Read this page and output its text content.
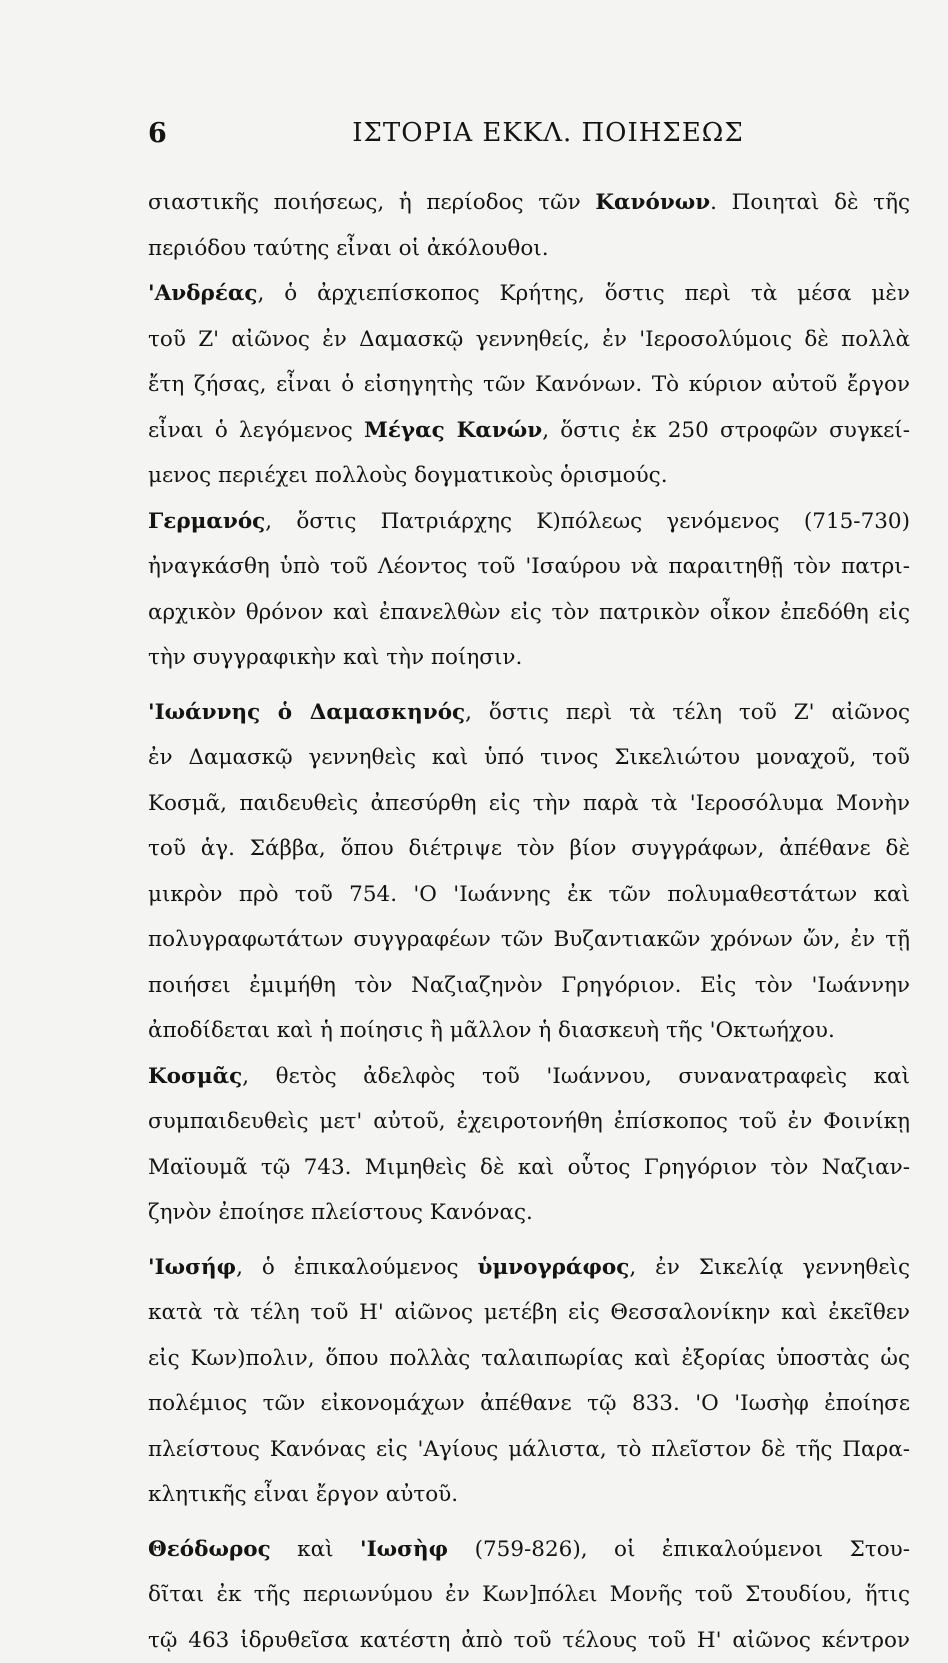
6	ΙΣΤΟΡΙΑ ΕΚΚΛ. ΠΟΙΗΣΕΩΣ
σιαστικῆς ποιήσεως, ἡ περίοδος τῶν Κανόνων. Ποιηταὶ δὲ τῆς
περιόδου ταύτης εἶναι οἱ ἀκόλουθοι.
'Ανδρέας, ὁ ἀρχιεπίσκοπος Κρήτης, ὅστις περὶ τὰ μέσα μὲν
τοῦ Ζ' αἰῶνος ἐν Δαμασκῷ γεννηθείς, ἐν 'Ιεροσολύμοις δὲ πολλὰ
ἔτη ζήσας, εἶναι ὁ εἰσηγητὴς τῶν Κανόνων. Τὸ κύριον αὐτοῦ ἔργον
εἶναι ὁ λεγόμενος Μέγας Κανών, ὅστις ἐκ 250 στροφῶν συγκεί-
μενος περιέχει πολλοὺς δογματικοὺς ὁρισμούς.
Γερμανός, ὅστις Πατριάρχης Κ)πόλεως γενόμενος (715-730)
ἠναγκάσθη ὑπὸ τοῦ Λέοντος τοῦ 'Ισαύρου νὰ παραιτηθῇ τὸν πατρι-
αρχικὸν θρόνον καὶ ἐπανελθὼν εἰς τὸν πατρικὸν οἶκον ἐπεδόθη εἰς
τὴν συγγραφικὴν καὶ τὴν ποίησιν.
'Ιωάννης ὁ Δαμασκηνός, ὅστις περὶ τὰ τέλη τοῦ Ζ' αἰῶνος
ἐν Δαμασκῷ γεννηθεὶς καὶ ὑπό τινος Σικελιώτου μοναχοῦ, τοῦ
Κοσμᾶ, παιδευθεὶς ἀπεσύρθη εἰς τὴν παρὰ τὰ 'Ιεροσόλυμα Μονὴν
τοῦ ἁγ. Σάββα, ὅπου διέτριψε τὸν βίον συγγράφων, ἀπέθανε δὲ
μικρὸν πρὸ τοῦ 754. 'Ο 'Ιωάννης ἐκ τῶν πολυμαθεστάτων καὶ
πολυγραφωτάτων συγγραφέων τῶν Βυζαντιακῶν χρόνων ὤν, ἐν τῇ
ποιήσει ἐμιμήθη τὸν Ναζιαζηνὸν Γρηγόριον. Εἰς τὸν 'Ιωάννην
ἀποδίδεται καὶ ἡ ποίησις ἢ μᾶλλον ἡ διασκευὴ τῆς 'Οκτωήχου.
Κοσμᾶς, θετὸς ἀδελφὸς τοῦ 'Ιωάννου, συνανατραφεὶς καὶ
συμπαιδευθεὶς μετ' αὐτοῦ, ἐχειροτονήθη ἐπίσκοπος τοῦ ἐν Φοινίκῃ
Μαϊουμᾶ τῷ 743. Μιμηθεὶς δὲ καὶ οὗτος Γρηγόριον τὸν Ναζιαν-
ζηνὸν ἐποίησε πλείστους Κανόνας.
'Ιωσήφ, ὁ ἐπικαλούμενος ὑμνογράφος, ἐν Σικελίᾳ γεννηθεὶς
κατὰ τὰ τέλη τοῦ Η' αἰῶνος μετέβη εἰς Θεσσαλονίκην καὶ ἐκεῖθεν
εἰς Κων)πολιν, ὅπου πολλὰς ταλαιπωρίας καὶ ἐξορίας ὑποστὰς ὡς
πολέμιος τῶν εἰκονομάχων ἀπέθανε τῷ 833. 'Ο 'Ιωσὴφ ἐποίησε
πλείστους Κανόνας εἰς 'Αγίους μάλιστα, τὸ πλεῖστον δὲ τῆς Παρα-
κλητικῆς εἶναι ἔργον αὐτοῦ.
Θεόδωρος καὶ 'Ιωσὴφ (759-826), οἱ ἐπικαλούμενοι Στου-
δῖται ἐκ τῆς περιωνύμου ἐν Κων]πόλει Μονῆς τοῦ Στουδίου, ἥτις
τῷ 463 ἱδρυθεῖσα κατέστη ἀπὸ τοῦ τέλους τοῦ Η' αἰῶνος κέντρον
